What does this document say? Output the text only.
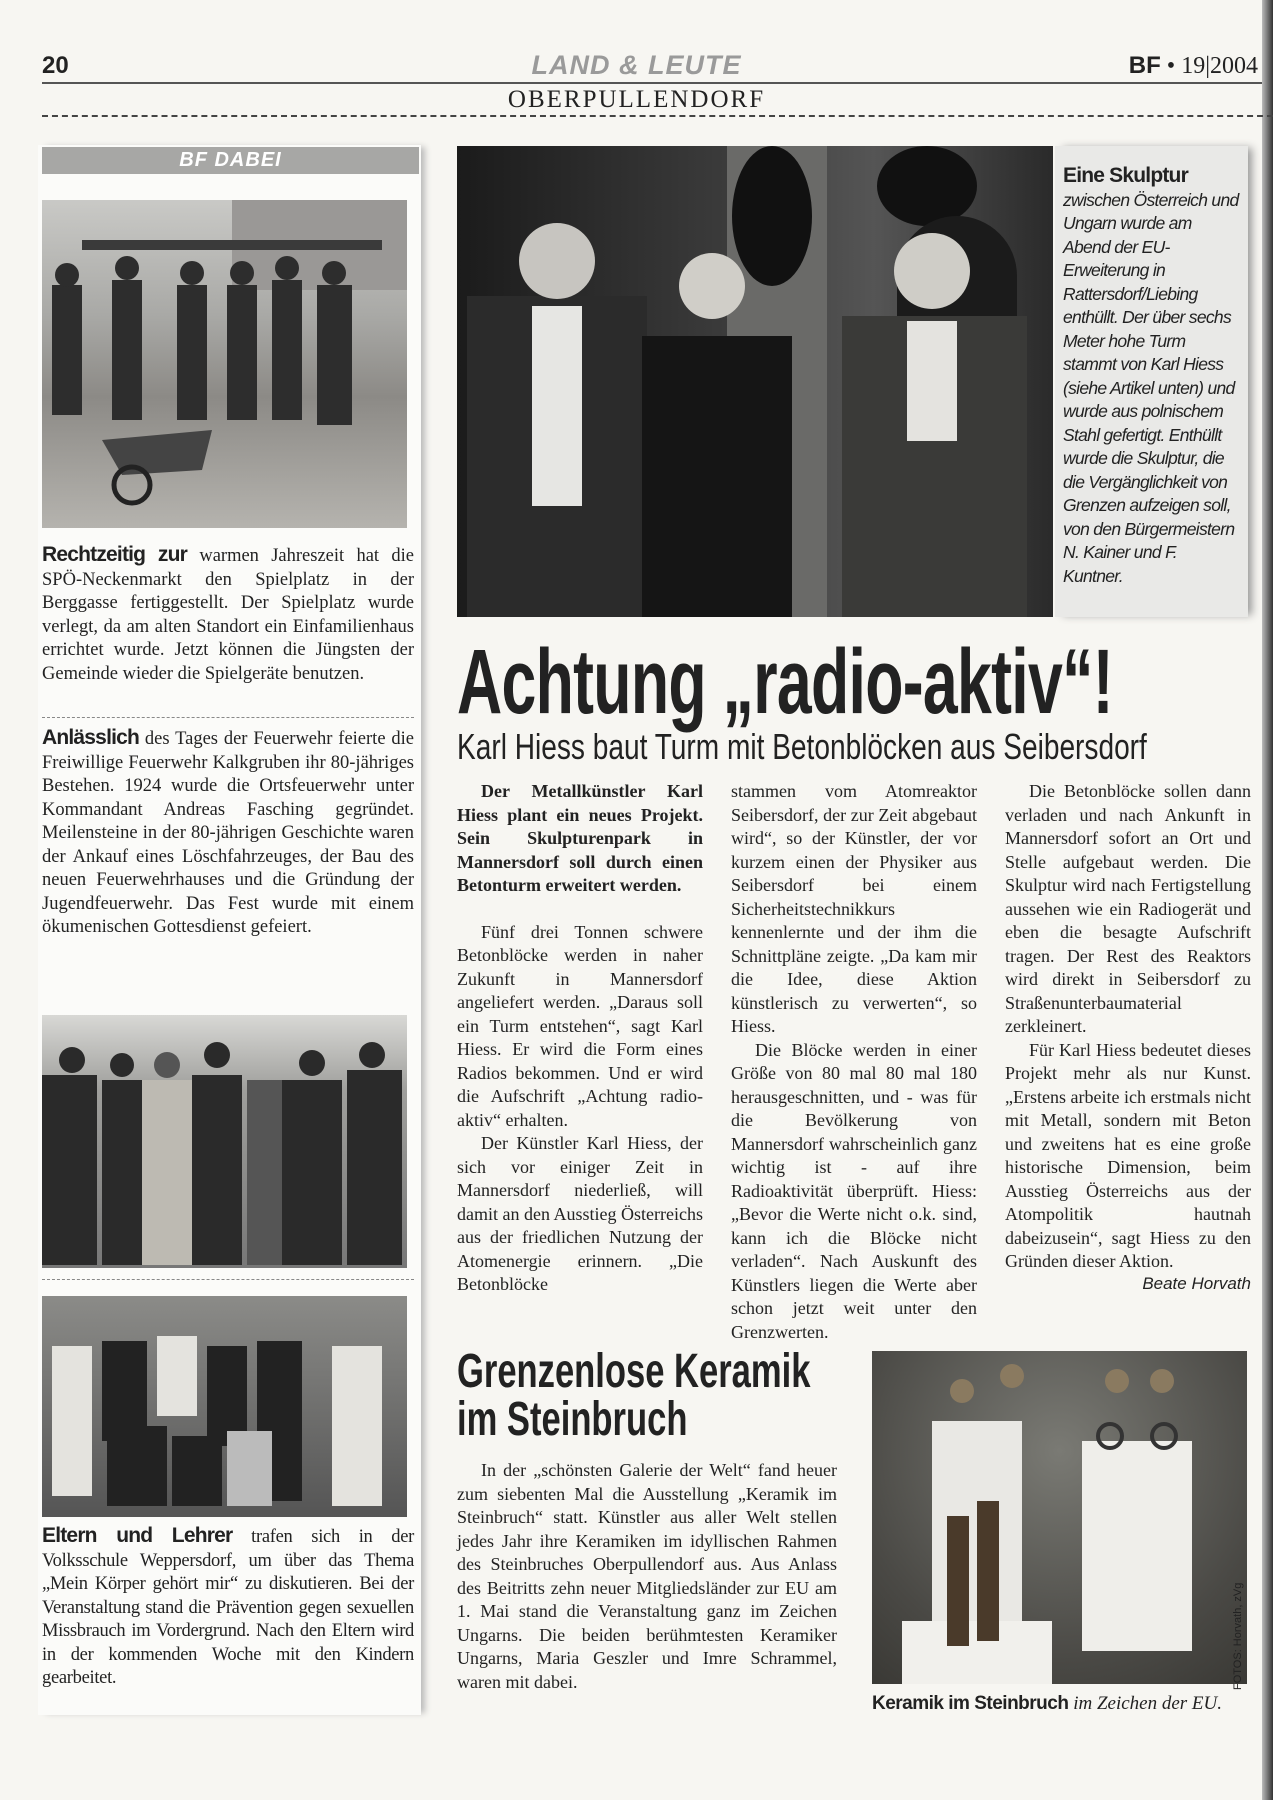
20	LAND & LEUTE	BF • 19|2004
OBERPULLENDORF
BF DABEI
Rechtzeitig zur warmen Jahreszeit hat die SPÖ-Neckenmarkt den Spielplatz in der Berggasse fertiggestellt. Der Spielplatz wurde verlegt, da am alten Standort ein Einfamilienhaus errichtet wurde. Jetzt können die Jüngsten der Gemeinde wieder die Spielgeräte benutzen.
Anlässlich des Tages der Feuerwehr feierte die Freiwillige Feuerwehr Kalkgruben ihr 80-jähriges Bestehen. 1924 wurde die Ortsfeuerwehr unter Kommandant Andreas Fasching gegründet. Meilensteine in der 80-jährigen Geschichte waren der Ankauf eines Löschfahrzeuges, der Bau des neuen Feuerwehrhauses und die Gründung der Jugendfeuerwehr. Das Fest wurde mit einem ökumenischen Gottesdienst gefeiert.
Eltern und Lehrer trafen sich in der Volksschule Weppersdorf, um über das Thema „Mein Körper gehört mir“ zu diskutieren. Bei der Veranstaltung stand die Prävention gegen sexuellen Missbrauch im Vordergrund. Nach den Eltern wird in der kommenden Woche mit den Kindern gearbeitet.

Eine Skulptur zwischen Österreich und Ungarn wurde am Abend der EU-Erweiterung in Rattersdorf/Liebing enthüllt. Der über sechs Meter hohe Turm stammt von Karl Hiess (siehe Artikel unten) und wurde aus polnischem Stahl gefertigt. Enthüllt wurde die Skulptur, die die Vergänglichkeit von Grenzen aufzeigen soll, von den Bürgermeistern N. Kainer und F. Kuntner.

Achtung „radio-aktiv“!
Karl Hiess baut Turm mit Betonblöcken aus Seibersdorf

Der Metallkünstler Karl Hiess plant ein neues Projekt. Sein Skulpturenpark in Mannersdorf soll durch einen Betonturm erweitert werden.

Fünf drei Tonnen schwere Betonblöcke werden in naher Zukunft in Mannersdorf angeliefert werden. „Daraus soll ein Turm entstehen“, sagt Karl Hiess. Er wird die Form eines Radios bekommen. Und er wird die Aufschrift „Achtung radio-aktiv“ erhalten.

Der Künstler Karl Hiess, der sich vor einiger Zeit in Mannersdorf niederließ, will damit an den Ausstieg Österreichs aus der friedlichen Nutzung der Atomenergie erinnern. „Die Betonblöcke

stammen vom Atomreaktor Seibersdorf, der zur Zeit abgebaut wird“, so der Künstler, der vor kurzem einen der Physiker aus Seibersdorf bei einem Sicherheitstechnikkurs kennenlernte und der ihm die Schnittpläne zeigte. „Da kam mir die Idee, diese Aktion künstlerisch zu verwerten“, so Hiess.

Die Blöcke werden in einer Größe von 80 mal 80 mal 180 herausgeschnitten, und - was für die Bevölkerung von Mannersdorf wahrscheinlich ganz wichtig ist - auf ihre Radioaktivität überprüft. Hiess: „Bevor die Werte nicht o.k. sind, kann ich die Blöcke nicht verladen“. Nach Auskunft des Künstlers liegen die Werte aber schon jetzt weit unter den Grenzwerten.

Die Betonblöcke sollen dann verladen und nach Ankunft in Mannersdorf sofort an Ort und Stelle aufgebaut werden. Die Skulptur wird nach Fertigstellung aussehen wie ein Radiogerät und eben die besagte Aufschrift tragen. Der Rest des Reaktors wird direkt in Seibersdorf zu Straßenunterbaumaterial zerkleinert.

Für Karl Hiess bedeutet dieses Projekt mehr als nur Kunst. „Erstens arbeite ich erstmals nicht mit Metall, sondern mit Beton und zweitens hat es eine große historische Dimension, beim Ausstieg Österreichs aus der Atompolitik hautnah dabeizusein“, sagt Hiess zu den Gründen dieser Aktion.

Beate Horvath
Grenzenlose Keramik
im Steinbruch

In der „schönsten Galerie der Welt“ fand heuer zum siebenten Mal die Ausstellung „Keramik im Steinbruch“ statt. Künstler aus aller Welt stellen jedes Jahr ihre Keramiken im idyllischen Rahmen des Steinbruches Oberpullendorf aus. Aus Anlass des Beitritts zehn neuer Mitgliedsländer zur EU am 1. Mai stand die Veranstaltung ganz im Zeichen Ungarns. Die beiden berühmtesten Keramiker Ungarns, Maria Geszler und Imre Schrammel, waren mit dabei.

Keramik im Steinbruch im Zeichen der EU.
FOTOS: Horvath, zVg
